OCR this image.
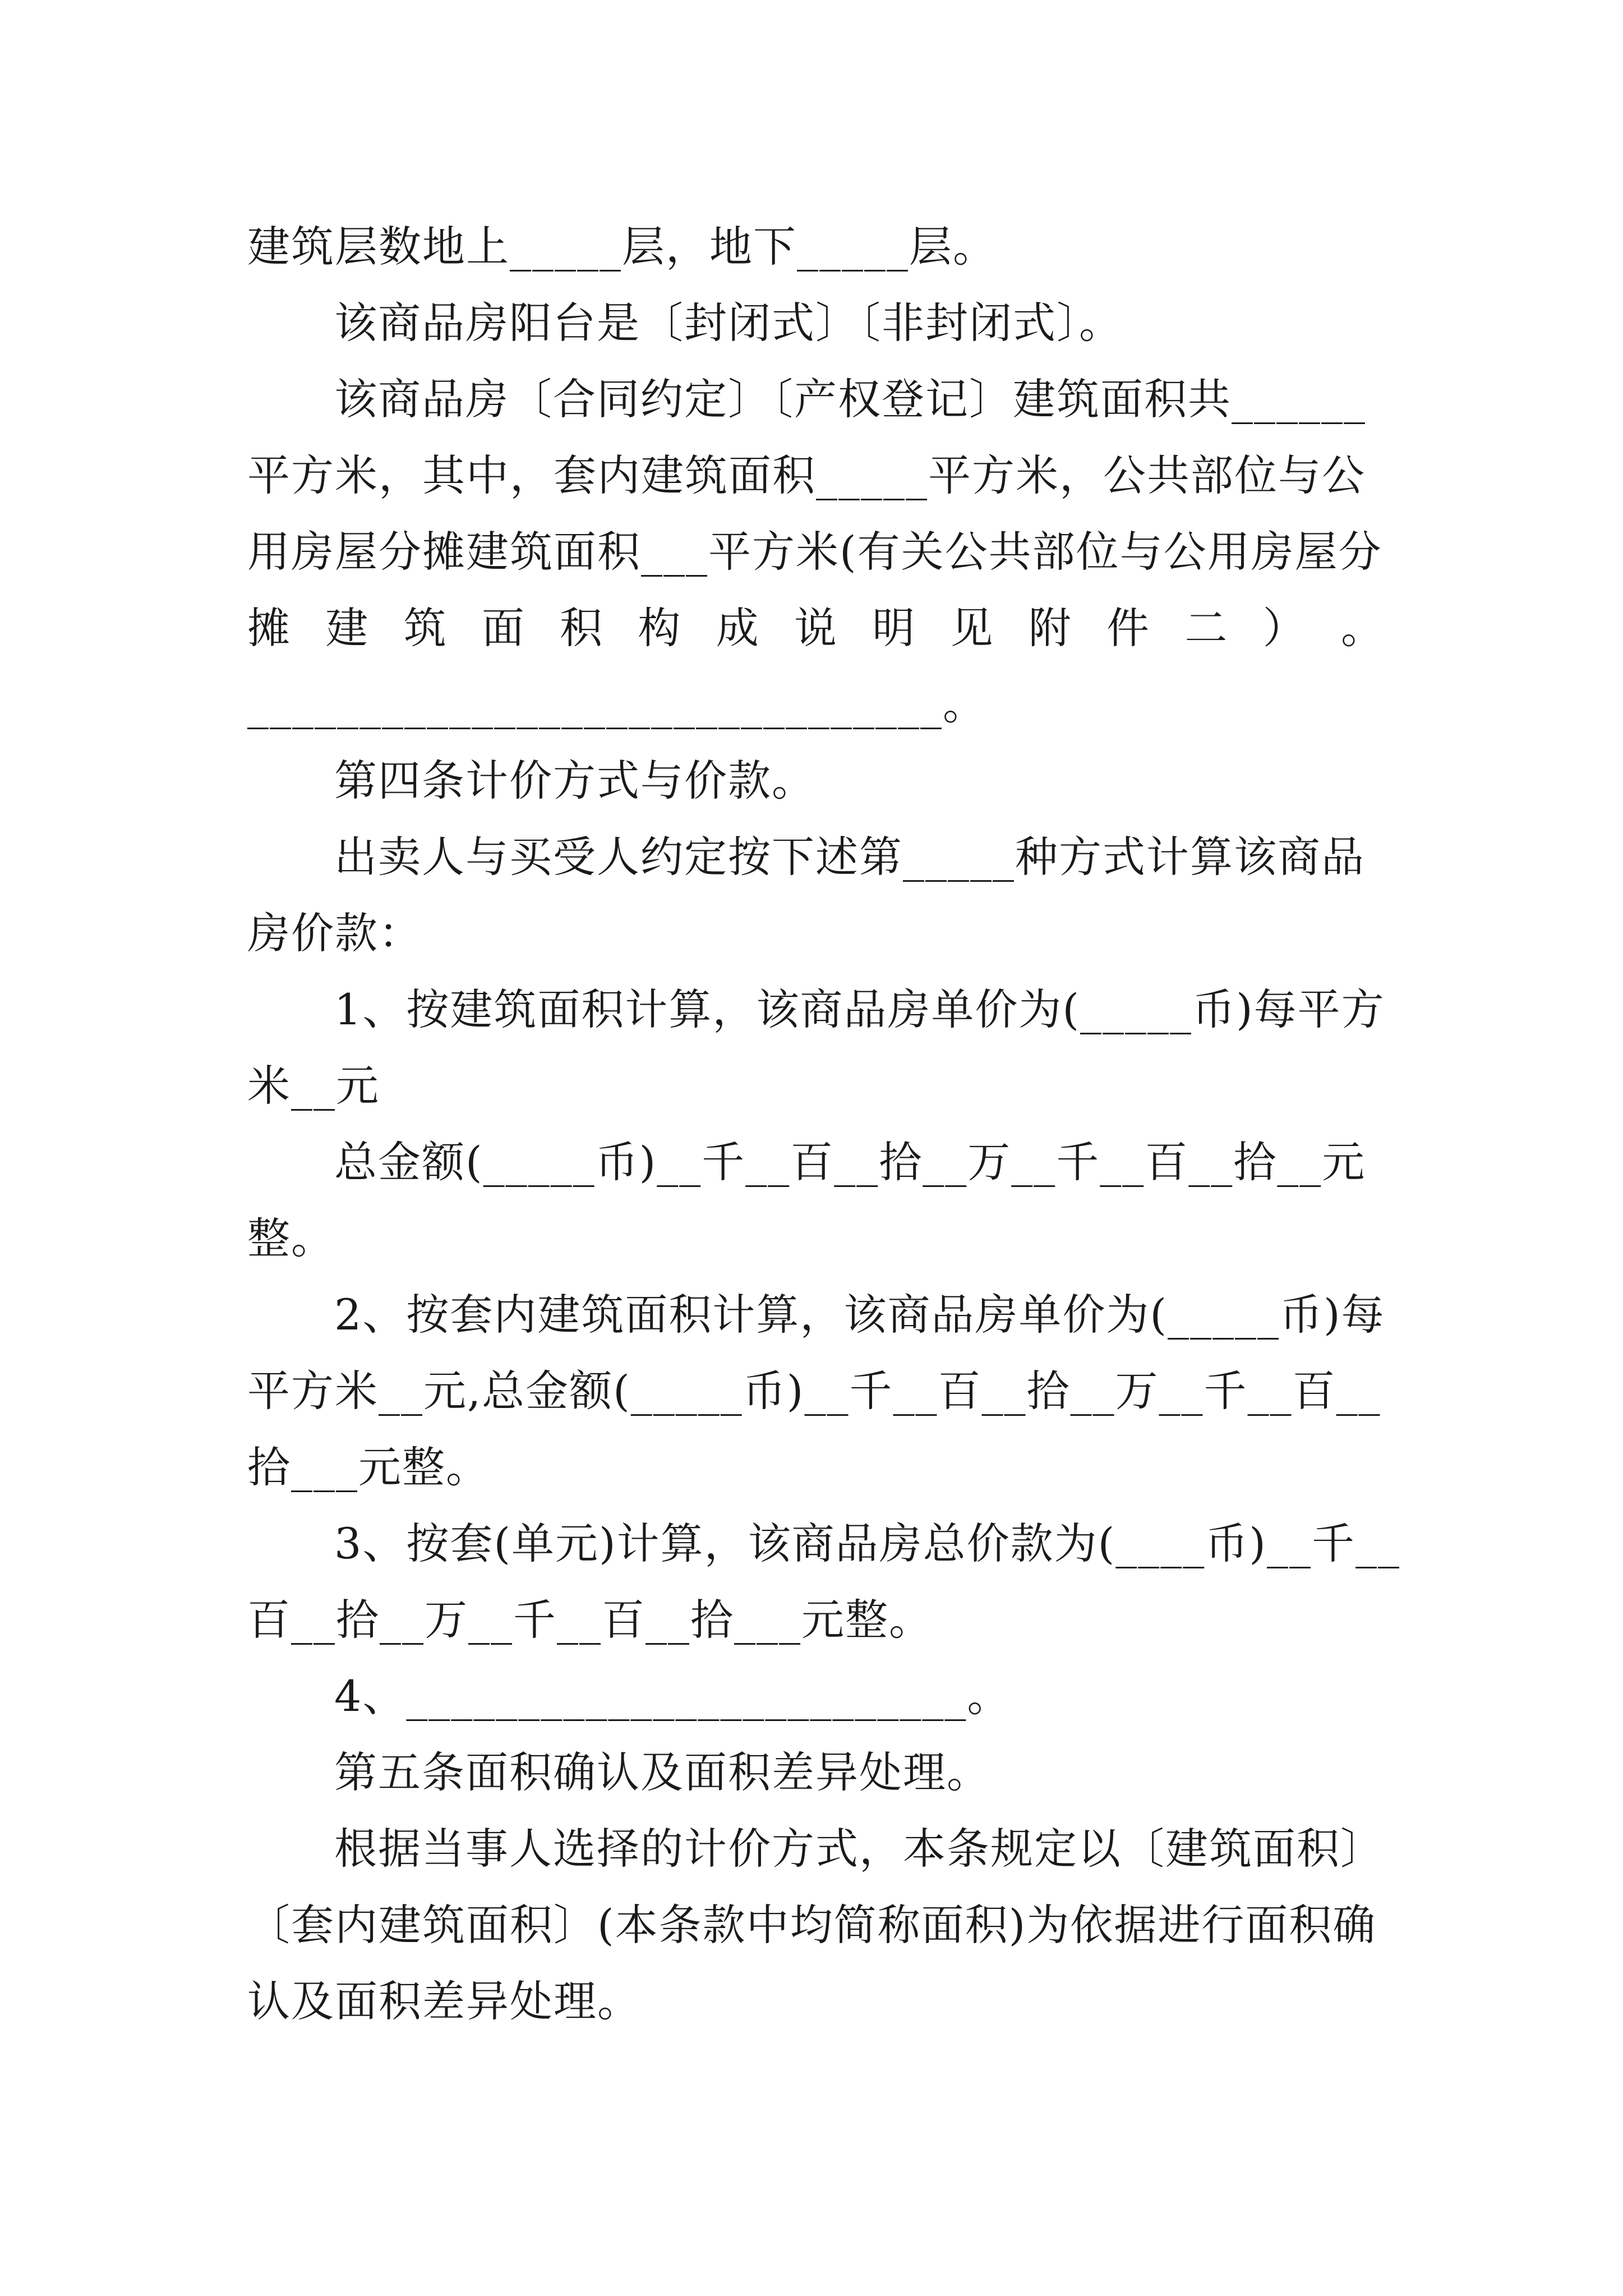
建筑层数地上_____层，地下_____层。
该商品房阳台是〔封闭式〕〔非封闭式〕。
该商品房〔合同约定〕〔产权登记〕建筑面积共______
平方米，其中，套内建筑面积_____平方米，公共部位与公
用房屋分摊建筑面积___平方米(有关公共部位与公用房屋分
摊 建 筑 面 积 构 成 说 明 见 附 件 二 ） 。
_______________________________。
第四条计价方式与价款。
出卖人与买受人约定按下述第_____种方式计算该商品
房价款：
1、按建筑面积计算，该商品房单价为(_____币)每平方
米__元
总金额(_____币)__千__百__拾__万__千__百__拾__元
整。
2、按套内建筑面积计算，该商品房单价为(_____币)每
平方米__元,总金额(_____币)__千__百__拾__万__千__百__
拾___元整。
3、按套(单元)计算，该商品房总价款为(____币)__千__
百__拾__万__千__百__拾___元整。
4、_________________________。
第五条面积确认及面积差异处理。
根据当事人选择的计价方式，本条规定以〔建筑面积〕
〔套内建筑面积〕(本条款中均简称面积)为依据进行面积确
认及面积差异处理。
